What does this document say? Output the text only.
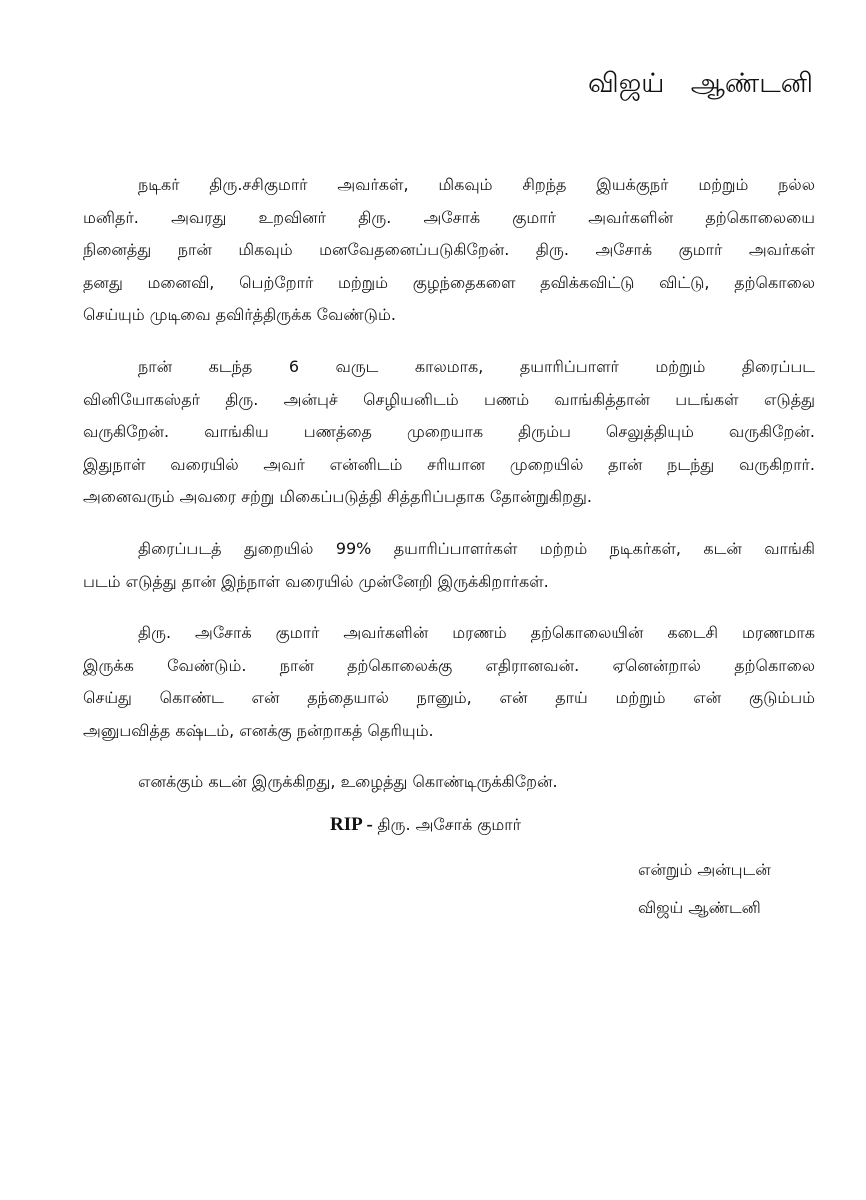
விஜய் ஆண்டனி
நடிகர் திரு.சசிகுமார் அவர்கள், மிகவும் சிறந்த இயக்குநர் மற்றும் நல்ல
மனிதர். அவரது உறவினர் திரு. அசோக் குமார் அவர்களின் தற்கொலையை
நினைத்து நான் மிகவும் மனவேதனைப்படுகிறேன். திரு. அசோக் குமார் அவர்கள்
தனது மனைவி, பெற்றோர் மற்றும் குழந்தைகளை தவிக்கவிட்டு விட்டு, தற்கொலை
செய்யும் முடிவை தவிர்த்திருக்க வேண்டும்.
நான் கடந்த 6 வருட காலமாக, தயாரிப்பாளர் மற்றும் திரைப்பட
வினியோகஸ்தர் திரு. அன்புச் செழியனிடம் பணம் வாங்கித்தான் படங்கள் எடுத்து
வருகிறேன். வாங்கிய பணத்தை முறையாக திரும்ப செலுத்தியும் வருகிறேன்.
இதுநாள் வரையில் அவர் என்னிடம் சரியான முறையில் தான் நடந்து வருகிறார்.
அனைவரும் அவரை சற்று மிகைப்படுத்தி சித்தரிப்பதாக தோன்றுகிறது.
திரைப்படத் துறையில் 99% தயாரிப்பாளர்கள் மற்றம் நடிகர்கள், கடன் வாங்கி
படம் எடுத்து தான் இந்நாள் வரையில் முன்னேறி இருக்கிறார்கள்.
திரு. அசோக் குமார் அவர்களின் மரணம் தற்கொலையின் கடைசி மரணமாக
இருக்க வேண்டும். நான் தற்கொலைக்கு எதிரானவன். ஏனென்றால் தற்கொலை
செய்து கொண்ட என் தந்தையால் நானும், என் தாய் மற்றும் என் குடும்பம்
அனுபவித்த கஷ்டம், எனக்கு நன்றாகத் தெரியும்.
எனக்கும் கடன் இருக்கிறது, உழைத்து கொண்டிருக்கிறேன்.
RIP - திரு. அசோக் குமார்
என்றும் அன்புடன்
விஜய் ஆண்டனி
